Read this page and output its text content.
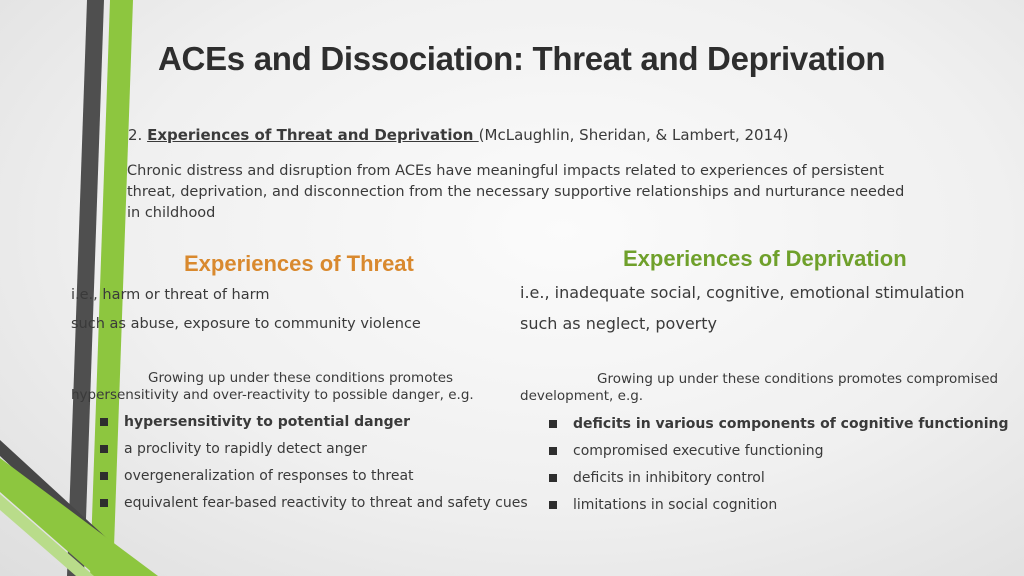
ACEs and Dissociation: Threat and Deprivation
2. Experiences of Threat and Deprivation (McLaughlin, Sheridan, & Lambert, 2014)

Chronic distress and disruption from ACEs have meaningful impacts related to experiences of persistent threat, deprivation, and disconnection from the necessary supportive relationships and nurturance needed in childhood

Experiences of Threat
i.e., harm or threat of harm
such as abuse, exposure to community violence
Growing up under these conditions promotes
hypersensitivity and over-reactivity to possible danger, e.g.
hypersensitivity to potential danger
a proclivity to rapidly detect anger
overgeneralization of responses to threat
equivalent fear-based reactivity to threat and safety cues
Experiences of Deprivation
i.e., inadequate social, cognitive, emotional stimulation
such as neglect, poverty
Growing up under these conditions promotes compromised
development, e.g.
deficits in various components of cognitive functioning
compromised executive functioning
deficits in inhibitory control
limitations in social cognition
